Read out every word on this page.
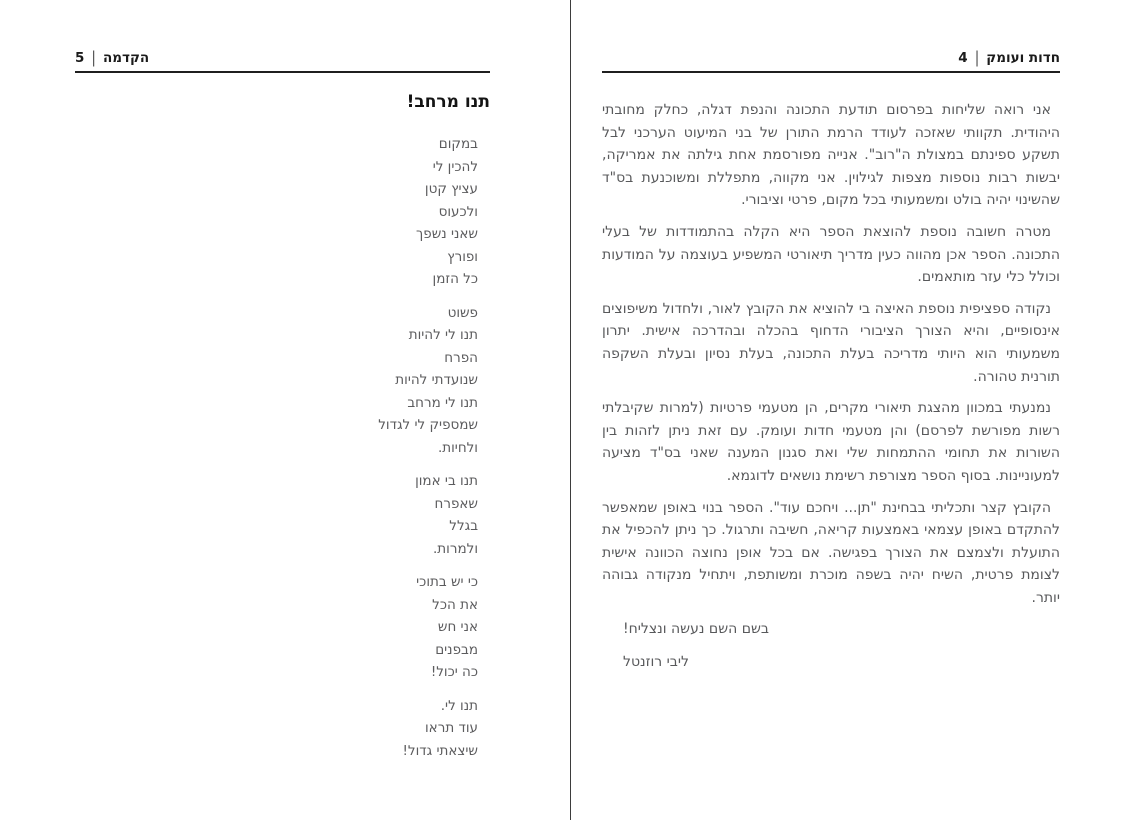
5 | הקדמה
תנו מרחב!
במקום
להכין לי
עציץ קטן
ולכעוס
שאני נשפך
ופורץ
כל הזמן
פשוט
תנו לי להיות
הפרח
שנועדתי להיות
תנו לי מרחב
שמספיק לי לגדול
ולחיות.
תנו בי אמון
שאפרח
בגלל
ולמרות.
כי יש בתוכי
את הכל
אני חש
מבפנים
כה יכול!
תנו לי.
עוד תראו
שיצאתי גדול!
4 | חדות ועומק

אני רואה שליחות בפרסום תודעת התכונה והנפת דגלה, כחלק מחובתי היהודית. תקוותי שאזכה לעודד הרמת התורן של בני המיעוט הערכני לבל תשקע ספינתם במצולת ה"רוב". אנייה מפורסמת אחת גילתה את אמריקה, יבשות רבות נוספות מצפות לגילוין. אני מקווה, מתפללת ומשוכנעת בס"ד שהשינוי יהיה בולט ומשמעותי בכל מקום, פרטי וציבורי.

מטרה חשובה נוספת להוצאת הספר היא הקלה בהתמודדות של בעלי התכונה. הספר אכן מהווה כעין מדריך תיאורטי המשפיע בעוצמה על המודעות וכולל כלי עזר מותאמים.

נקודה ספציפית נוספת האיצה בי להוציא את הקובץ לאור, ולחדול משיפוצים אינסופיים, והיא הצורך הציבורי הדחוף בהכלה ובהדרכה אישית. יתרון משמעותי הוא היותי מדריכה בעלת התכונה, בעלת נסיון ובעלת השקפה תורנית טהורה.

נמנעתי במכוון מהצגת תיאורי מקרים, הן מטעמי פרטיות (למרות שקיבלתי רשות מפורשת לפרסם) והן מטעמי חדות ועומק. עם זאת ניתן לזהות בין השורות את תחומי ההתמחות שלי ואת סגנון המענה שאני בס"ד מציעה למעוניינות. בסוף הספר מצורפת רשימת נושאים לדוגמא.

הקובץ קצר ותכליתי בבחינת "תן... ויחכם עוד". הספר בנוי באופן שמאפשר להתקדם באופן עצמאי באמצעות קריאה, חשיבה ותרגול. כך ניתן להכפיל את התועלת ולצמצם את הצורך בפגישה. אם בכל אופן נחוצה הכוונה אישית לצומת פרטית, השיח יהיה בשפה מוכרת ומשותפת, ויתחיל מנקודה גבוהה יותר.

בשם השם נעשה ונצליח!
ליבי רוזנטל
